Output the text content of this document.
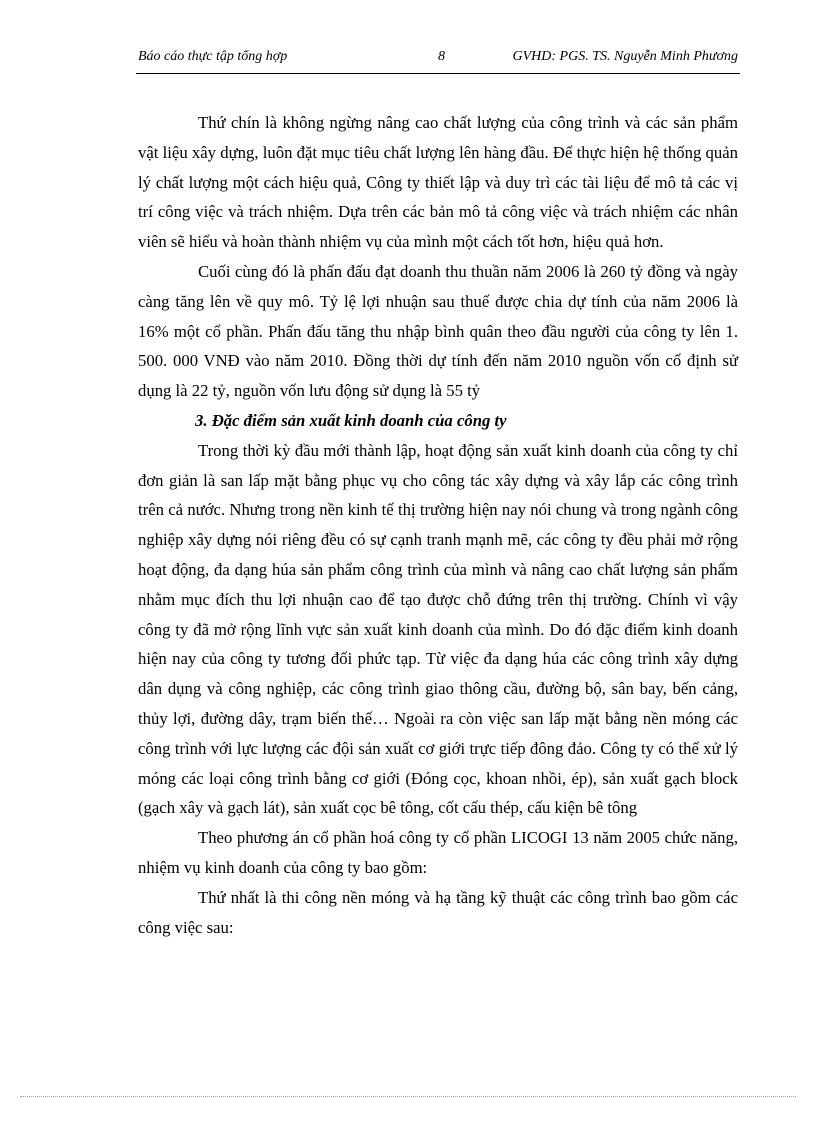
Báo cáo thực tập tổng hợp	8	GVHD: PGS. TS. Nguyễn Minh Phương

Thứ chín là không ngừng nâng cao chất lượng của công trình và các sản phẩm vật liệu xây dựng, luôn đặt mục tiêu chất lượng lên hàng đầu. Để thực hiện hệ thống quản lý chất lượng một cách hiệu quả, Công ty thiết lập và duy trì các tài liệu để mô tả các vị trí công việc và trách nhiệm. Dựa trên các bản mô tả công việc và trách nhiệm các nhân viên sẽ hiểu và hoàn thành nhiệm vụ của mình một cách tốt hơn, hiệu quả hơn.

Cuối cùng đó là phấn đấu đạt doanh thu thuần năm 2006 là 260 tỷ đồng và ngày càng tăng lên về quy mô. Tỷ lệ lợi nhuận sau thuế được chia dự tính của năm 2006 là 16% một cổ phần. Phấn đấu tăng thu nhập bình quân theo đầu người của công ty lên 1. 500. 000 VNĐ vào năm 2010. Đồng thời dự tính đến năm 2010 nguồn vốn cố định sử dụng là 22 tỷ, nguồn vốn lưu động sử dụng là 55 tỷ

3. Đặc điểm sản xuất kinh doanh của công ty

Trong thời kỳ đầu mới thành lập, hoạt động sản xuất kinh doanh của công ty chỉ đơn giản là san lấp mặt bằng phục vụ cho công tác xây dựng và xây lắp các công trình trên cả nước. Nhưng trong nền kinh tế thị trường hiện nay nói chung và trong ngành công nghiệp xây dựng nói riêng đều có sự cạnh tranh mạnh mẽ, các công ty đều phải mở rộng hoạt động, đa dạng húa sản phẩm công trình của mình và nâng cao chất lượng sản phẩm nhằm mục đích thu lợi nhuận cao để tạo được chỗ đứng trên thị trường. Chính vì vậy công ty đã mở rộng lĩnh vực sản xuất kinh doanh của mình. Do đó đặc điểm kinh doanh hiện nay của công ty tương đối phức tạp. Từ việc đa dạng húa các công trình xây dựng dân dụng và công nghiệp, các công trình giao thông cầu, đường bộ, sân bay, bến cảng, thủy lợi, đường dây, trạm biến thế… Ngoài ra còn việc san lấp mặt bằng nền móng các công trình với lực lượng các đội sản xuất cơ giới trực tiếp đông đảo. Công ty có thể xử lý móng các loại công trình bằng cơ giới (Đóng cọc, khoan nhồi, ép), sản xuất gạch block (gạch xây và gạch lát), sản xuất cọc bê tông, cốt cấu thép, cấu kiện bê tông

Theo phương án cổ phần hoá công ty cổ phần LICOGI 13 năm 2005 chức năng, nhiệm vụ kinh doanh của công ty bao gồm:

Thứ nhất là thi công nền móng và hạ tầng kỹ thuật các công trình bao gồm các công việc sau:
